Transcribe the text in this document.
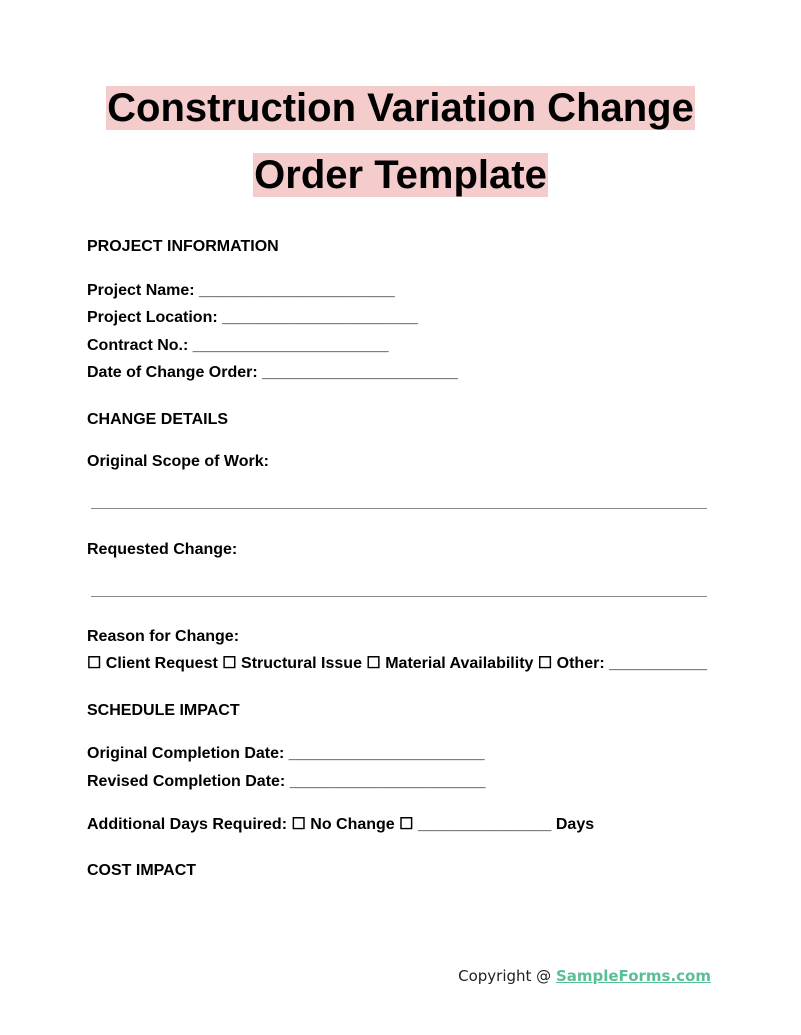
Construction Variation Change
Order Template
PROJECT INFORMATION
Project Name: ______________________
Project Location: ______________________
Contract No.: ______________________
Date of Change Order: ______________________
CHANGE DETAILS
Original Scope of Work:
Requested Change:
Reason for Change:
☐ Client Request ☐ Structural Issue ☐ Material Availability ☐ Other: ___________
SCHEDULE IMPACT
Original Completion Date: ______________________
Revised Completion Date: ______________________
Additional Days Required: ☐ No Change ☐ _______________ Days
COST IMPACT
Copyright @ SampleForms.com
